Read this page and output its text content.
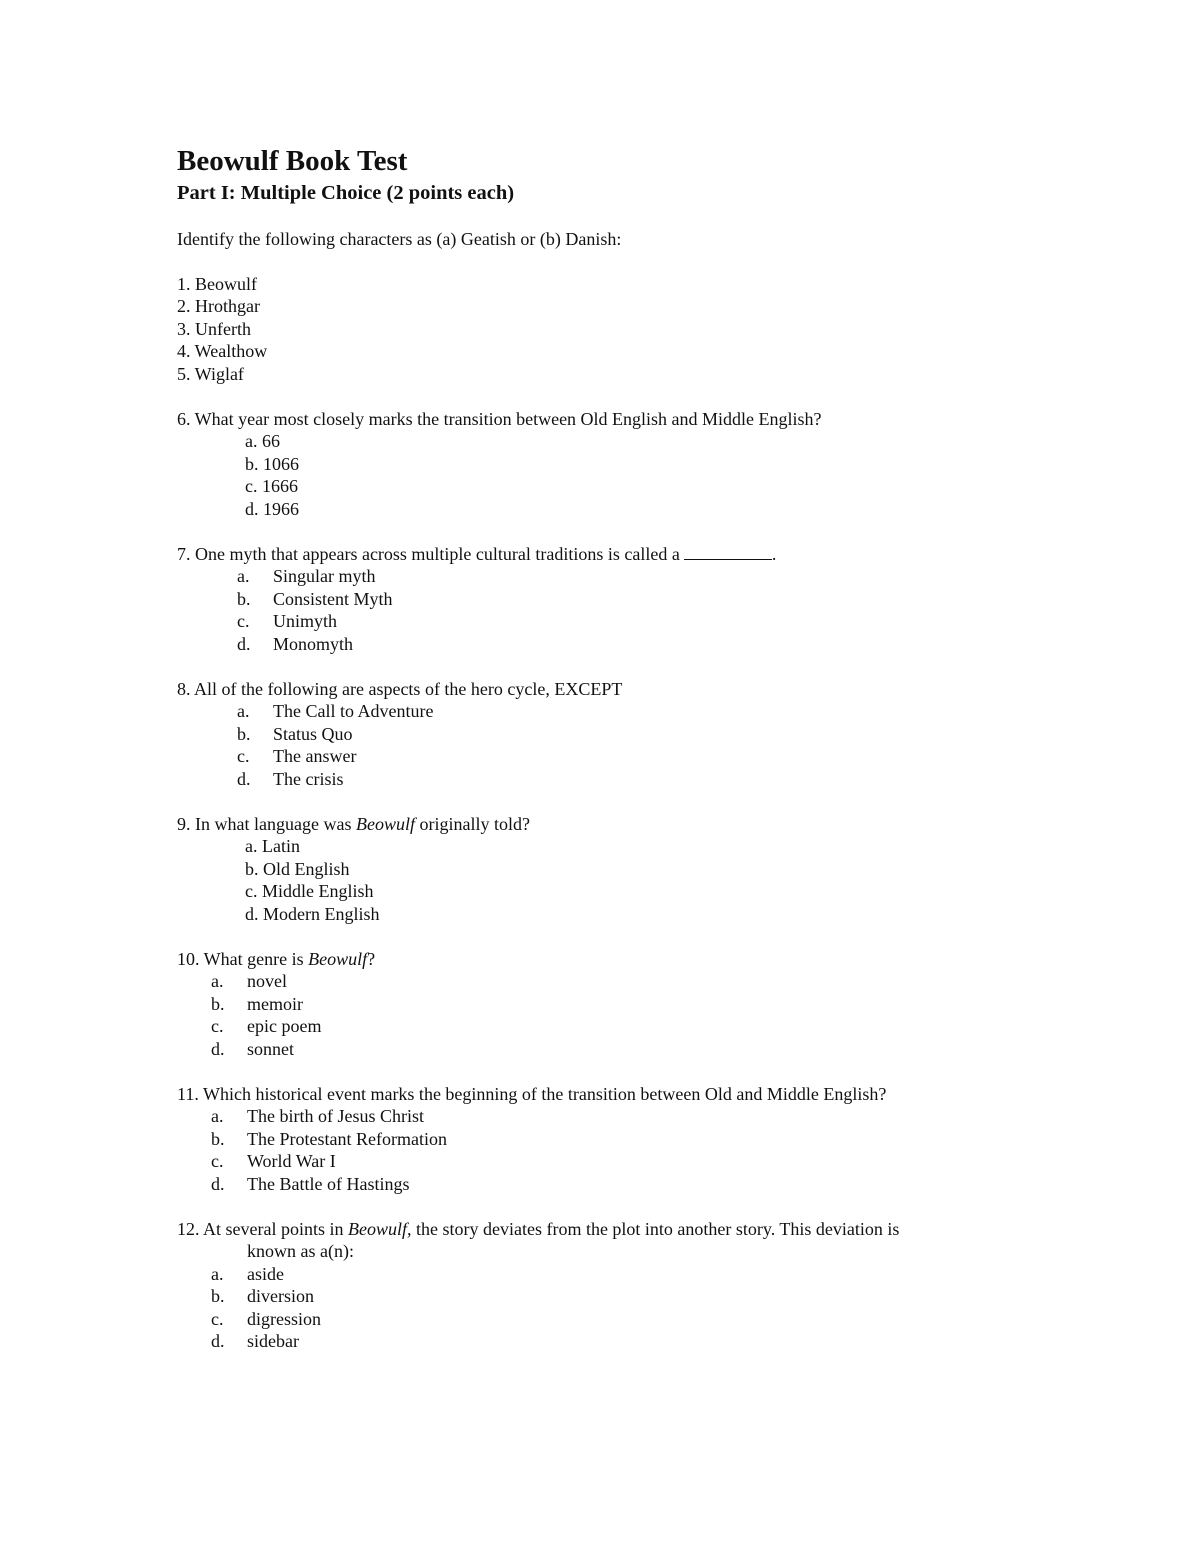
Beowulf Book Test
Part I: Multiple Choice (2 points each)
Identify the following characters as (a) Geatish or (b) Danish:
1. Beowulf
2. Hrothgar
3. Unferth
4. Wealthow
5. Wiglaf
6. What year most closely marks the transition between Old English and Middle English?
a. 66
b. 1066
c. 1666
d. 1966
7. One myth that appears across multiple cultural traditions is called a	.
a.	Singular myth
b.	Consistent Myth
c.	Unimyth
d.	Monomyth
8. All of the following are aspects of the hero cycle, EXCEPT
a.	The Call to Adventure
b.	Status Quo
c.	The answer
d.	The crisis
9. In what language was Beowulf originally told?
a. Latin
b. Old English
c. Middle English
d. Modern English
10. What genre is Beowulf?
a.	novel
b.	memoir
c.	epic poem
d.	sonnet
11. Which historical event marks the beginning of the transition between Old and Middle English?
a.	The birth of Jesus Christ
b.	The Protestant Reformation
c.	World War I
d.	The Battle of Hastings
12. At several points in Beowulf, the story deviates from the plot into another story. This deviation is
known as a(n):
a.	aside
b.	diversion
c.	digression
d.	sidebar
